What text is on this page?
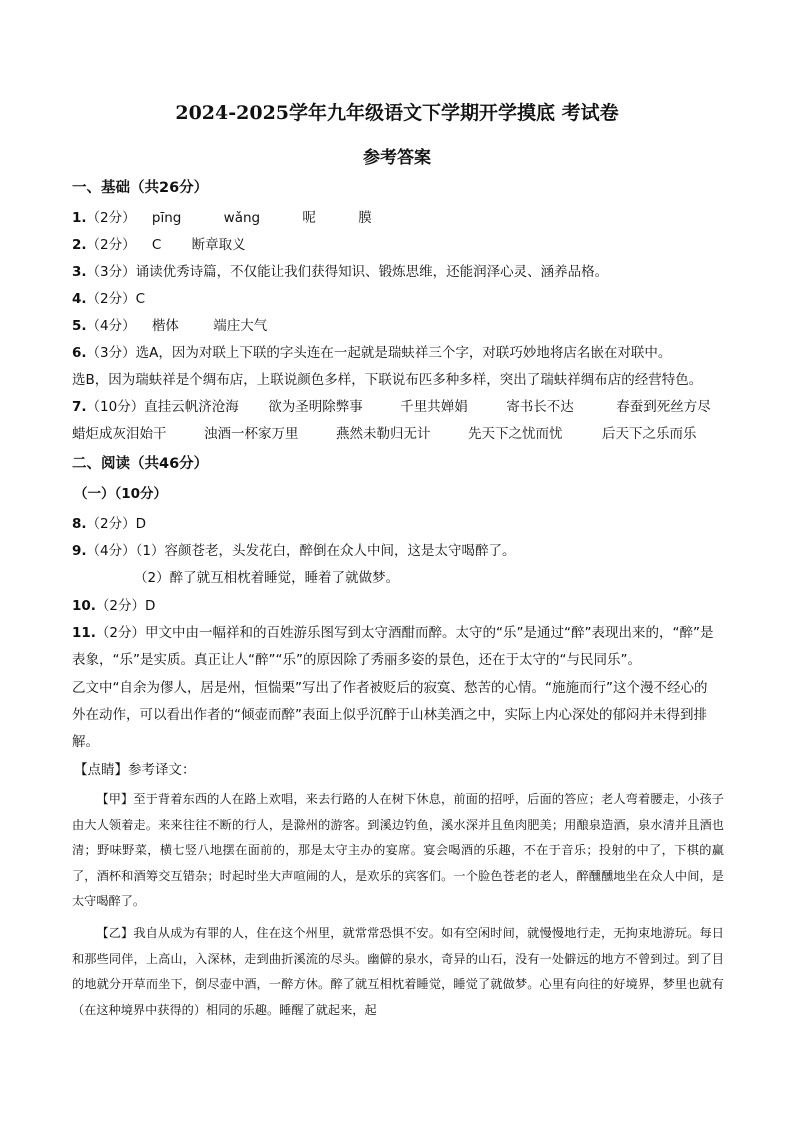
2024-2025学年九年级语文下学期开学摸底 考试卷
参考答案
一、基础（共26分）
1.（2分） pīng	wǎng	呢	膜
2.（2分） C 断章取义
3.（3分）诵读优秀诗篇，不仅能让我们获得知识、锻炼思维，还能润泽心灵、涵养品格。
4.（2分）C
5.（4分） 楷体	端庄大气
6.（3分）选A，因为对联上下联的字头连在一起就是瑞蚨祥三个字，对联巧妙地将店名嵌在对联中。
选B，因为瑞蚨祥是个绸布店，上联说颜色多样，下联说布匹多种多样，突出了瑞蚨祥绸布店的经营特色。
7.（10分）直挂云帆济沧海 欲为圣明除弊事	千里共婵娟	寄书长不达	春蚕到死丝方尽
蜡炬成灰泪始干	浊酒一杯家万里	燕然未勒归无计	先天下之忧而忧	后天下之乐而乐
二、阅读（共46分）
（一）（10分）
8.（2分）D
9.（4分）（1）容颜苍老，头发花白，醉倒在众人中间，这是太守喝醉了。
（2）醉了就互相枕着睡觉，睡着了就做梦。
10.（2分）D
11.（2分）甲文中由一幅祥和的百姓游乐图写到太守酒酣而醉。太守的“乐”是通过“醉”表现出来的，“醉”是
表象，“乐”是实质。真正让人“醉”“乐”的原因除了秀丽多姿的景色，还在于太守的“与民同乐”。
乙文中“自余为僇人，居是州，恒惴栗”写出了作者被贬后的寂寞、愁苦的心情。“施施而行”这个漫不经心的
外在动作，可以看出作者的“倾壶而醉”表面上似乎沉醉于山林美酒之中，实际上内心深处的郁闷并未得到排
解。
【点睛】参考译文：
【甲】至于背着东西的人在路上欢唱，来去行路的人在树下休息，前面的招呼，后面的答应；老人弯着腰走，小孩子由大人领着走。来来往往不断的行人，是滁州的游客。到溪边钓鱼，溪水深并且鱼肉肥美；用酿泉造酒，泉水清并且酒也清；野味野菜，横七竖八地摆在面前的，那是太守主办的宴席。宴会喝酒的乐趣，不在于音乐；投射的中了，下棋的赢了，酒杯和酒筹交互错杂；时起时坐大声喧闹的人，是欢乐的宾客们。一个脸色苍老的老人，醉醺醺地坐在众人中间，是太守喝醉了。
【乙】我自从成为有罪的人，住在这个州里，就常常恐惧不安。如有空闲时间，就慢慢地行走，无拘束地游玩。每日和那些同伴，上高山，入深林，走到曲折溪流的尽头。幽僻的泉水，奇异的山石，没有一处僻远的地方不曾到过。到了目的地就分开草而坐下，倒尽壶中酒，一醉方休。醉了就互相枕着睡觉，睡觉了就做梦。心里有向往的好境界，梦里也就有（在这种境界中获得的）相同的乐趣。睡醒了就起来，起
